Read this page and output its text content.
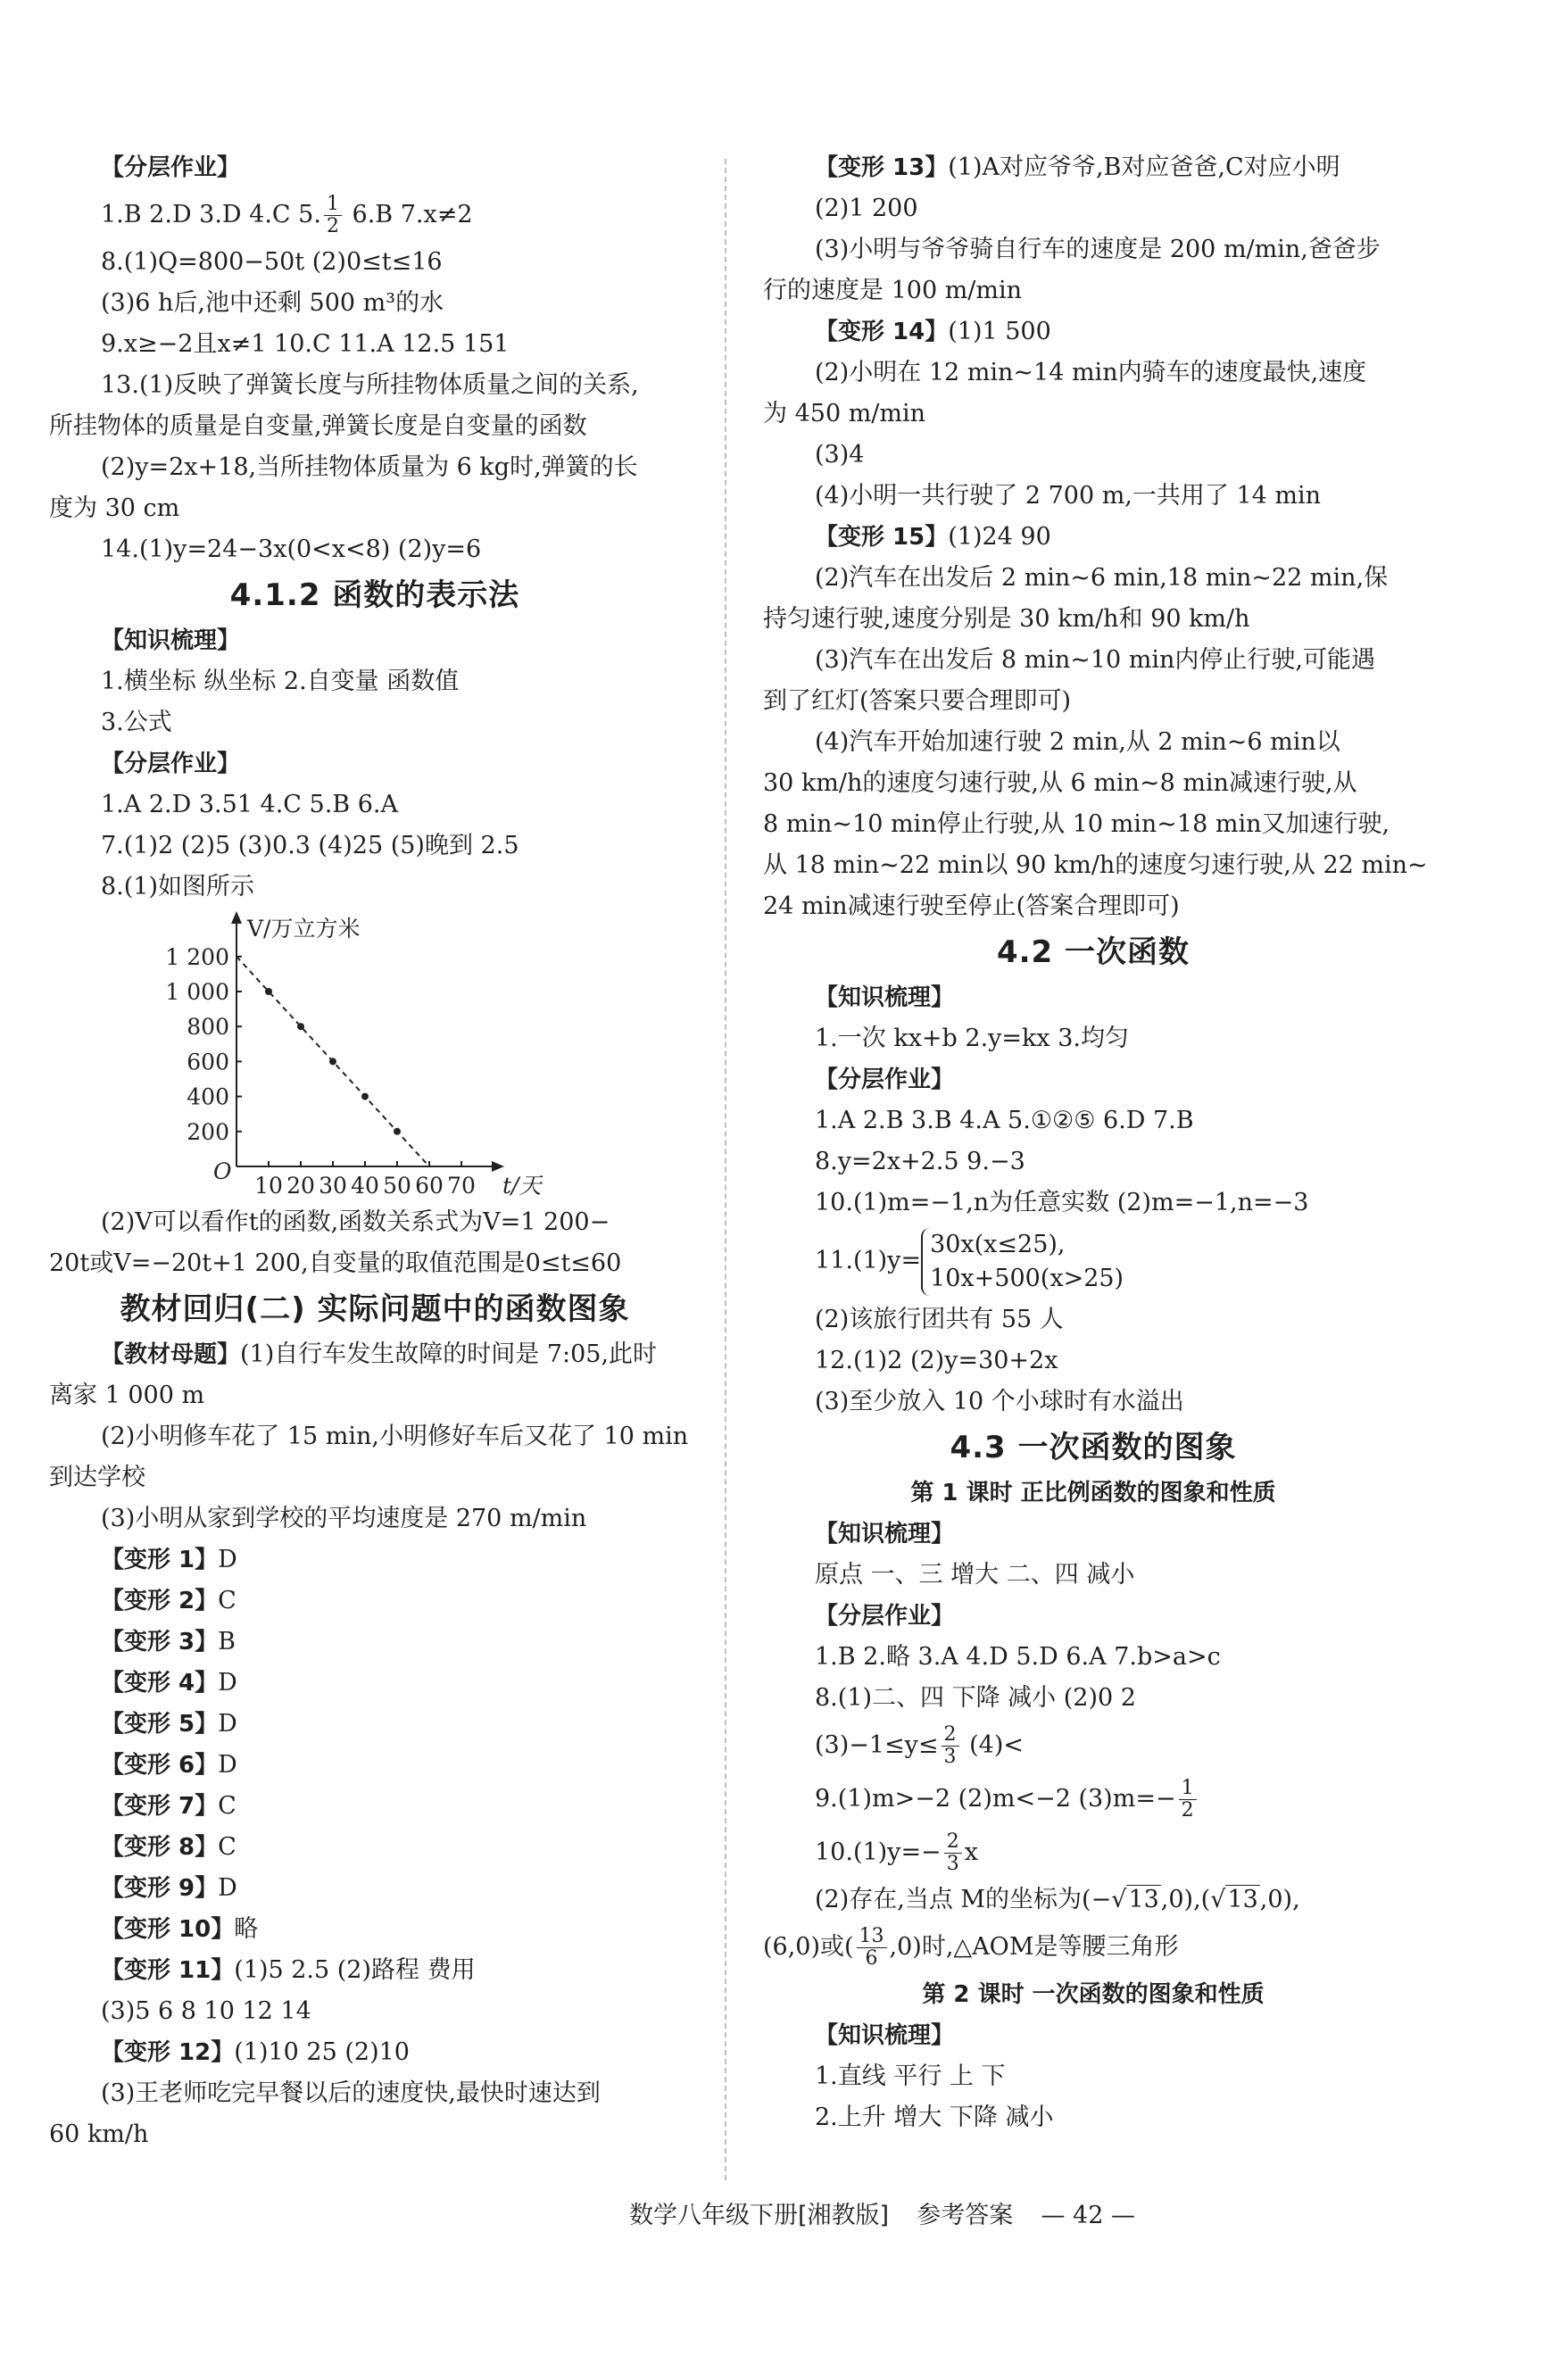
【分层作业】
1.B 2.D 3.D 4.C 5. $\frac{1}{2} 6.B$ 7.x≠2
8.(1)Q=800−50t (2)0≤t≤16
(3)6 h后,池中还剩 500 m³的水
9.x≥−2且x≠1 10.C 11.A 12.5 151
13.(1)反映了弹簧长度与所挂物体质量之间的关系,
所挂物体的质量是自变量,弹簧长度是自变量的函数
(2)y=2x+18,当所挂物体质量为 6 kg时,弹簧的长
度为 30 cm
14.(1)y=24−3x(0<x<8) (2)y=6
4.1.2 函数的表示法
【知识梳理】
1.横坐标 纵坐标 2.自变量 函数值
3.公式
【分层作业】
1.A 2.D 3.51 4.C 5.B 6.A
7.(1)2 (2)5 (3)0.3 (4)25 (5)晚到 2.5
8.(1)如图所示
O
10 20 30 40 50 60 70
200
400
600
800
1 000
1 200
V/万立方米
t/天
(2)V可以看作t的函数,函数关系式为V=1 200−
20t或V=−20t+1 200,自变量的取值范围是0≤t≤60
教材回归(二) 实际问题中的函数图象
【教材母题】(1)自行车发生故障的时间是 7:05,此时
离家 1 000 m
(2)小明修车花了 15 min,小明修好车后又花了 10 min
到达学校
(3)小明从家到学校的平均速度是 270 m/min
【变形 1】D
【变形 2】C
【变形 3】B
【变形 4】D
【变形 5】D
【变形 6】D
【变形 7】C
【变形 8】C
【变形 9】D
【变形 10】略
【变形 11】(1)5 2.5 (2)路程 费用
(3)5 6 8 10 12 14
【变形 12】(1)10 25 (2)10
(3)王老师吃完早餐以后的速度快,最快时速达到
60 km/h
【变形 13】(1)A对应爷爷,B对应爸爸,C对应小明
(2)1 200
(3)小明与爷爷骑自行车的速度是 200 m/min,爸爸步
行的速度是 100 m/min
【变形 14】(1)1 500
(2)小明在 12 min~14 min内骑车的速度最快,速度
为 450 m/min
(3)4
(4)小明一共行驶了 2 700 m,一共用了 14 min
【变形 15】(1)24 90
(2)汽车在出发后 2 min~6 min,18 min~22 min,保
持匀速行驶,速度分别是 30 km/h和 90 km/h
(3)汽车在出发后 8 min~10 min内停止行驶,可能遇
到了红灯(答案只要合理即可)
(4)汽车开始加速行驶 2 min,从 2 min~6 min以
30 km/h的速度匀速行驶,从 6 min~8 min减速行驶,从
8 min~10 min停止行驶,从 10 min~18 min又加速行驶,
从 18 min~22 min以 90 km/h的速度匀速行驶,从 22 min~
24 min减速行驶至停止(答案合理即可)
4.2 一次函数
【知识梳理】
1.一次 kx+b 2.y=kx 3.均匀
【分层作业】
1.A 2.B 3.B 4.A 5.①②⑤ 6.D 7.B
8.y=2x+2.5 9.−3
10.(1)m=−1,n为任意实数 (2)m=−1,n=−3
11.(1)y=
30x(x≤25),
10x+500(x>25)
(2)该旅行团共有 55 人
12.(1)2 (2)y=30+2x
(3)至少放入 10 个小球时有水溢出
4.3 一次函数的图象
第 1 课时 正比例函数的图象和性质
【知识梳理】
原点 一、三 增大 二、四 减小
【分层作业】
1.B 2.略 3.A 4.D 5.D 6.A 7.b>a>c
8.(1)二、四 下降 减小 (2)0 2
$(3)-1\le y\le \frac{2}{3} (4)<$
9.(1)m>−2 (2)m<−2 $(3)m=- \frac{1}{2}$
$10.(1)y=- \frac{2}{3}$ x
(2)存在,当点 M的坐标为(−√13,0),(√13,0),
(6,0)或( $\frac{13}{6} ,0$)时,△AOM是等腰三角形
第 2 课时 一次函数的图象和性质
【知识梳理】
1.直线 平行 上 下
2.上升 增大 下降 减小
数学八年级下册[湘教版] 参考答案 — 42 —
